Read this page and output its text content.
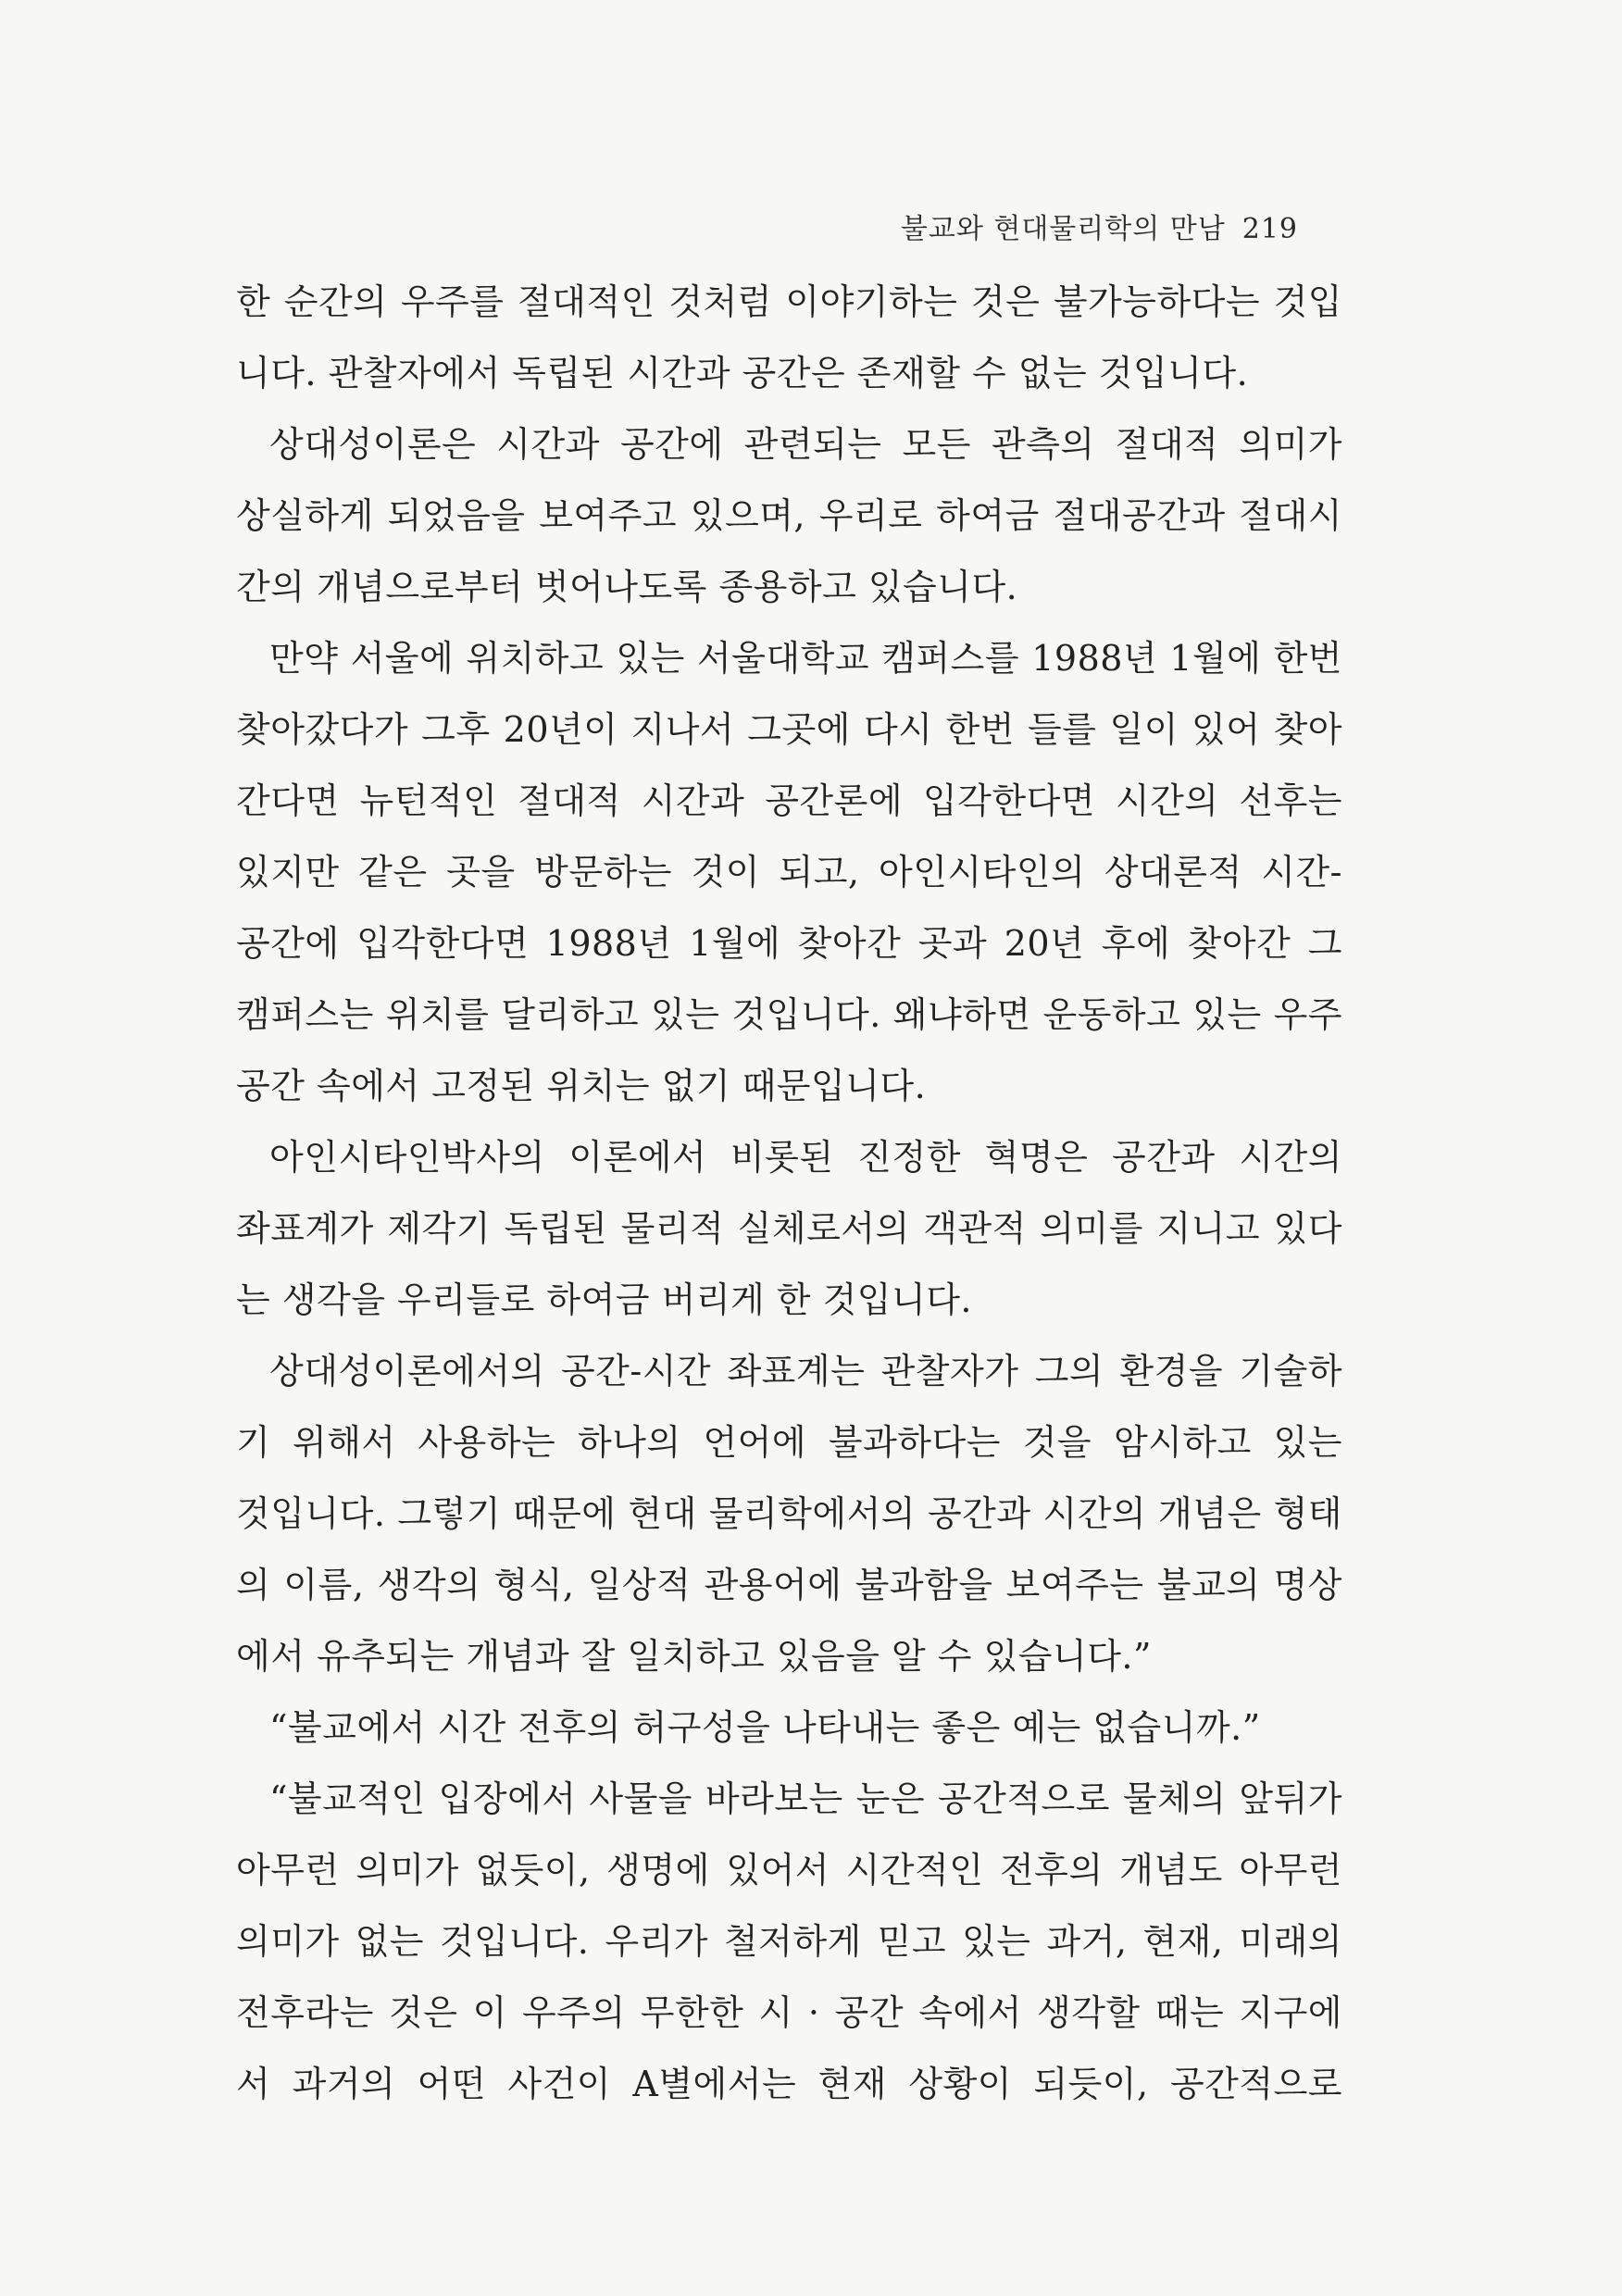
불교와 현대물리학의 만남 219
한 순간의 우주를 절대적인 것처럼 이야기하는 것은 불가능하다는 것입
니다. 관찰자에서 독립된 시간과 공간은 존재할 수 없는 것입니다.
상대성이론은 시간과 공간에 관련되는 모든 관측의 절대적 의미가
상실하게 되었음을 보여주고 있으며, 우리로 하여금 절대공간과 절대시
간의 개념으로부터 벗어나도록 종용하고 있습니다.
만약 서울에 위치하고 있는 서울대학교 캠퍼스를 1988년 1월에 한번
찾아갔다가 그후 20년이 지나서 그곳에 다시 한번 들를 일이 있어 찾아
간다면 뉴턴적인 절대적 시간과 공간론에 입각한다면 시간의 선후는
있지만 같은 곳을 방문하는 것이 되고, 아인시타인의 상대론적 시간-
공간에 입각한다면 1988년 1월에 찾아간 곳과 20년 후에 찾아간 그
캠퍼스는 위치를 달리하고 있는 것입니다. 왜냐하면 운동하고 있는 우주
공간 속에서 고정된 위치는 없기 때문입니다.
아인시타인박사의 이론에서 비롯된 진정한 혁명은 공간과 시간의
좌표계가 제각기 독립된 물리적 실체로서의 객관적 의미를 지니고 있다
는 생각을 우리들로 하여금 버리게 한 것입니다.
상대성이론에서의 공간-시간 좌표계는 관찰자가 그의 환경을 기술하
기 위해서 사용하는 하나의 언어에 불과하다는 것을 암시하고 있는
것입니다. 그렇기 때문에 현대 물리학에서의 공간과 시간의 개념은 형태
의 이름, 생각의 형식, 일상적 관용어에 불과함을 보여주는 불교의 명상
에서 유추되는 개념과 잘 일치하고 있음을 알 수 있습니다.”
“불교에서 시간 전후의 허구성을 나타내는 좋은 예는 없습니까.”
“불교적인 입장에서 사물을 바라보는 눈은 공간적으로 물체의 앞뒤가
아무런 의미가 없듯이, 생명에 있어서 시간적인 전후의 개념도 아무런
의미가 없는 것입니다. 우리가 철저하게 믿고 있는 과거, 현재, 미래의
전후라는 것은 이 우주의 무한한 시 · 공간 속에서 생각할 때는 지구에
서 과거의 어떤 사건이 A별에서는 현재 상황이 되듯이, 공간적으로
